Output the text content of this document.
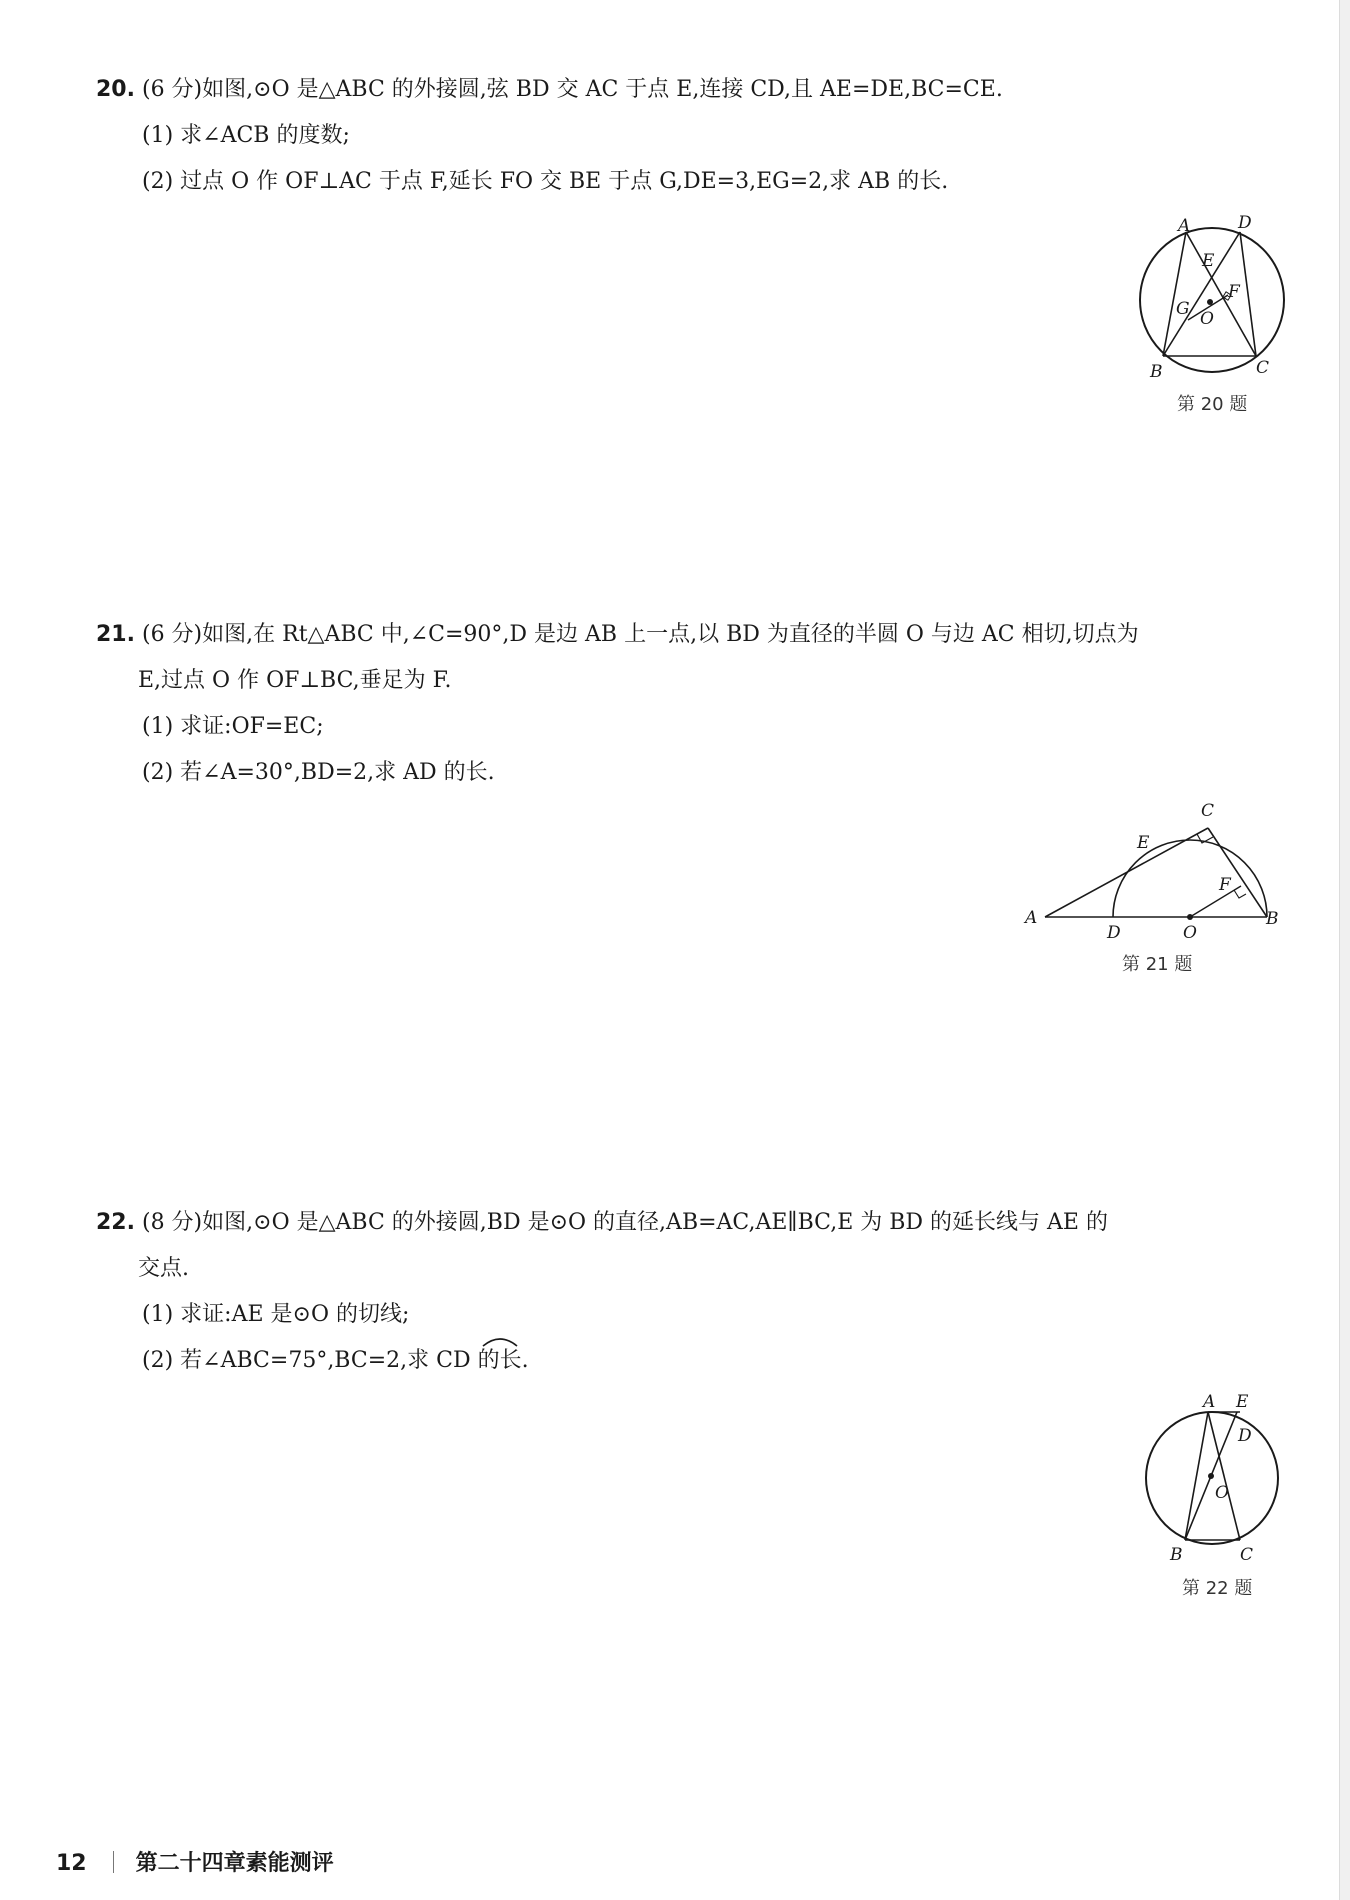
20. (6 分)如图,⊙O 是△ABC 的外接圆,弦 BD 交 AC 于点 E,连接 CD,且 AE=DE,BC=CE.
(1) 求∠ACB 的度数;
(2) 过点 O 作 OF⊥AC 于点 F,延长 FO 交 BE 于点 G,DE=3,EG=2,求 AB 的长.
A	D
E
F
G O
B	C
第 20 题
21. (6 分)如图,在 Rt△ABC 中,∠C=90°,D 是边 AB 上一点,以 BD 为直径的半圆 O 与边 AC 相切,切点为
E,过点 O 作 OF⊥BC,垂足为 F.
(1) 求证:OF=EC;
(2) 若∠A=30°,BD=2,求 AD 的长.
A	B
C
D
E
F
O
第 21 题
22. (8 分)如图,⊙O 是△ABC 的外接圆,BD 是⊙O 的直径,AB=AC,AE∥BC,E 为 BD 的延长线与 AE 的
交点.
(1) 求证:AE 是⊙O 的切线;
(2) 若∠ABC=75°,BC=2,求 CD 的长.
A E
D
O
B	C
第 22 题
12 第二十四章素能测评
